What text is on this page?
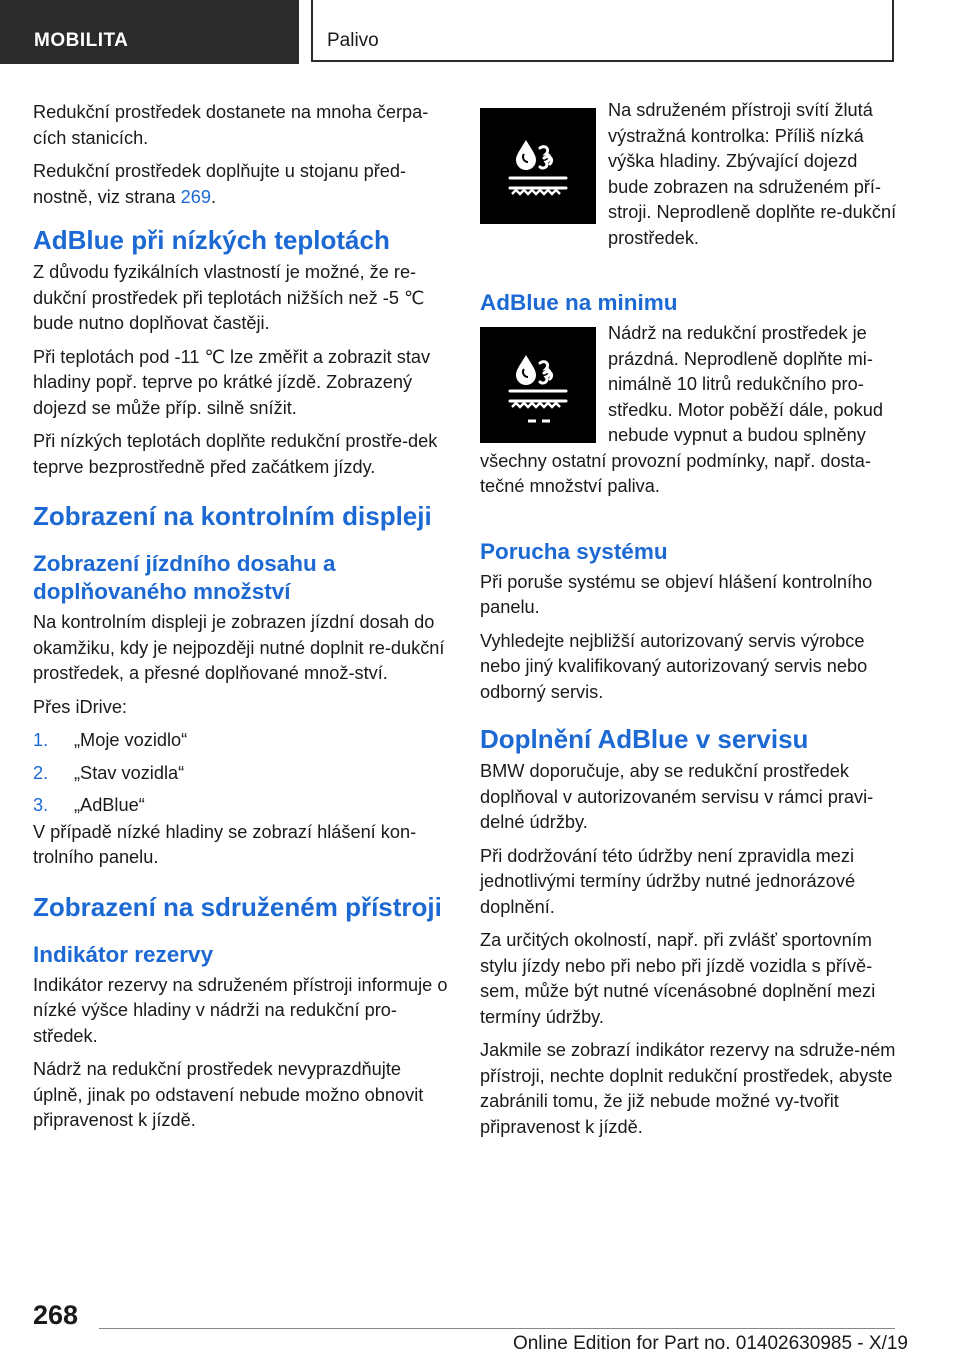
MOBILITA	Palivo

Redukční prostředek dostanete na mnoha čerpa-cích stanicích.

Redukční prostředek doplňujte u stojanu před-nostně, viz strana 269.

AdBlue při nízkých teplotách

Z důvodu fyzikálních vlastností je možné, že re-dukční prostředek při teplotách nižších než -5 ℃ bude nutno doplňovat častěji.

Při teplotách pod -11 ℃ lze změřit a zobrazit stav hladiny popř. teprve po krátké jízdě. Zobrazený dojezd se může příp. silně snížit.

Při nízkých teplotách doplňte redukční prostře-dek teprve bezprostředně před začátkem jízdy.

Zobrazení na kontrolním displeji
Zobrazení jízdního dosahu a doplňovaného množství

Na kontrolním displeji je zobrazen jízdní dosah do okamžiku, kdy je nejpozději nutné doplnit re-dukční prostředek, a přesné doplňované množ-ství.

Přes iDrive:

1.	„Moje vozidlo“
2.	„Stav vozidla“
3.	„AdBlue“

V případě nízké hladiny se zobrazí hlášení kon-trolního panelu.

Zobrazení na sdruženém přístroji
Indikátor rezervy

Indikátor rezervy na sdruženém přístroji informuje o nízké výšce hladiny v nádrži na redukční pro-středek.

Nádrž na redukční prostředek nevyprazdňujte úplně, jinak po odstavení nebude možno obnovit připravenost k jízdě.

Na sdruženém přístroji svítí žlutá výstražná kontrolka: Příliš nízká výška hladiny. Zbývající dojezd bude zobrazen na sdruženém pří-stroji. Neprodleně doplňte re-dukční prostředek.

AdBlue na minimu

Nádrž na redukční prostředek je prázdná. Neprodleně doplňte mi-nimálně 10 litrů redukčního pro-středku. Motor poběží dále, pokud nebude vypnut a budou splněny všechny ostatní provozní podmínky, např. dosta-tečné množství paliva.

Porucha systému

Při poruše systému se objeví hlášení kontrolního panelu.

Vyhledejte nejbližší autorizovaný servis výrobce nebo jiný kvalifikovaný autorizovaný servis nebo odborný servis.

Doplnění AdBlue v servisu

BMW doporučuje, aby se redukční prostředek doplňoval v autorizovaném servisu v rámci pravi-delné údržby.

Při dodržování této údržby není zpravidla mezi jednotlivými termíny údržby nutné jednorázové doplnění.

Za určitých okolností, např. při zvlášť sportovním stylu jízdy nebo při nebo při jízdě vozidla s přívě-sem, může být nutné vícenásobné doplnění mezi termíny údržby.

Jakmile se zobrazí indikátor rezervy na sdruže-ném přístroji, nechte doplnit redukční prostředek, abyste zabránili tomu, že již nebude možné vy-tvořit připravenost k jízdě.

268
Online Edition for Part no. 01402630985 - X/19
